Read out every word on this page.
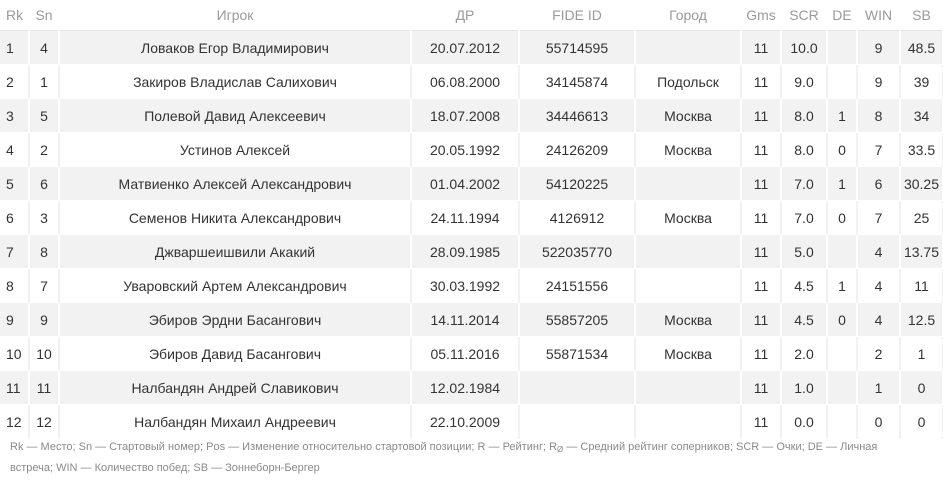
Rk	Sn	Игрок	ДР	FIDE ID	Город	Gms	SCR	DE	WIN	SB
1	4	Ловаков Егор Владимирович	20.07.2012	55714595		11	10.0		9	48.5
2	1	Закиров Владислав Салихович	06.08.2000	34145874	Подольск	11	9.0		9	39
3	5	Полевой Давид Алексеевич	18.07.2008	34446613	Москва	11	8.0	1	8	34
4	2	Устинов Алексей	20.05.1992	24126209	Москва	11	8.0	0	7	33.5
5	6	Матвиенко Алексей Александрович	01.04.2002	54120225		11	7.0	1	6	30.25
6	3	Семенов Никита Александрович	24.11.1994	4126912	Москва	11	7.0	0	7	25
7	8	Джваршеишвили Акакий	28.09.1985	522035770		11	5.0		4	13.75
8	7	Уваровский Артем Александрович	30.03.1992	24151556		11	4.5	1	4	11
9	9	Эбиров Эрдни Басангович	14.11.2014	55857205	Москва	11	4.5	0	4	12.5
10	10	Эбиров Давид Басангович	05.11.2016	55871534	Москва	11	2.0		2	1
11	11	Налбандян Андрей Славикович	12.02.1984			11	1.0		1	0
12	12	Налбандян Михаил Андреевич	22.10.2009			11	0.0		0	0
Rk — Место; Sn — Стартовый номер; Pos — Изменение относительно стартовой позиции; R — Рейтинг; $R_Ø$ — Средний рейтинг соперников; SCR — Очки; DE — Личная встреча; WIN — Количество побед; SB — Зоннеборн-Бергер
